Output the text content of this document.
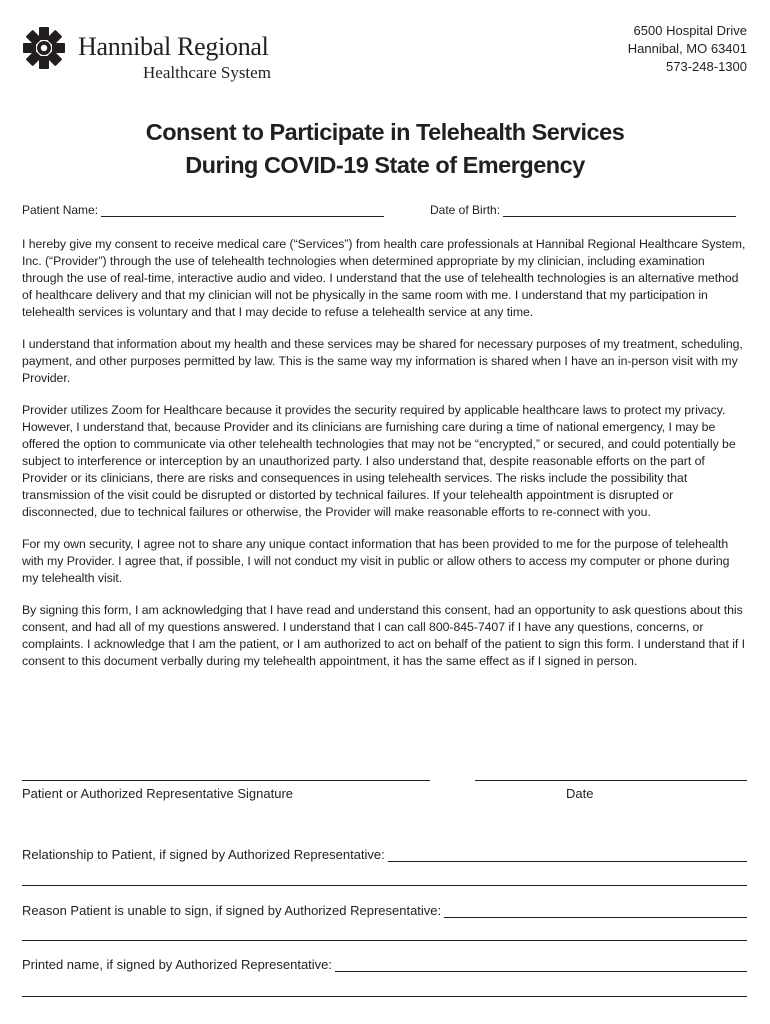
Hannibal Regional
Healthcare System
6500 Hospital Drive
Hannibal, MO 63401
573-248-1300
Consent to Participate in Telehealth Services
During COVID-19 State of Emergency
Patient Name:	Date of Birth:

I hereby give my consent to receive medical care (“Services”) from health care professionals at Hannibal Regional Healthcare System, Inc. (“Provider”) through the use of telehealth technologies when determined appropriate by my clinician, including examination through the use of real-time, interactive audio and video. I understand that the use of telehealth technologies is an alternative method of healthcare delivery and that my clinician will not be physically in the same room with me. I understand that my participation in telehealth services is voluntary and that I may decide to refuse a telehealth service at any time.

I understand that information about my health and these services may be shared for necessary purposes of my treatment, scheduling, payment, and other purposes permitted by law. This is the same way my information is shared when I have an in-person visit with my Provider.

Provider utilizes Zoom for Healthcare because it provides the security required by applicable healthcare laws to protect my privacy. However, I understand that, because Provider and its clinicians are furnishing care during a time of national emergency, I may be offered the option to communicate via other telehealth technologies that may not be “encrypted,” or secured, and could potentially be subject to interference or interception by an unauthorized party. I also understand that, despite reasonable efforts on the part of Provider or its clinicians, there are risks and consequences in using telehealth services. The risks include the possibility that transmission of the visit could be disrupted or distorted by technical failures. If your telehealth appointment is disrupted or disconnected, due to technical failures or otherwise, the Provider will make reasonable efforts to re-connect with you.

For my own security, I agree not to share any unique contact information that has been provided to me for the purpose of telehealth with my Provider. I agree that, if possible, I will not conduct my visit in public or allow others to access my computer or phone during my telehealth visit.

By signing this form, I am acknowledging that I have read and understand this consent, had an opportunity to ask questions about this consent, and had all of my questions answered. I understand that I can call 800-845-7407 if I have any questions, concerns, or complaints. I acknowledge that I am the patient, or I am authorized to act on behalf of the patient to sign this form. I understand that if I consent to this document verbally during my telehealth appointment, it has the same effect as if I signed in person.

Patient or Authorized Representative Signature	Date
Relationship to Patient, if signed by Authorized Representative:
Reason Patient is unable to sign, if signed by Authorized Representative:
Printed name, if signed by Authorized Representative:
